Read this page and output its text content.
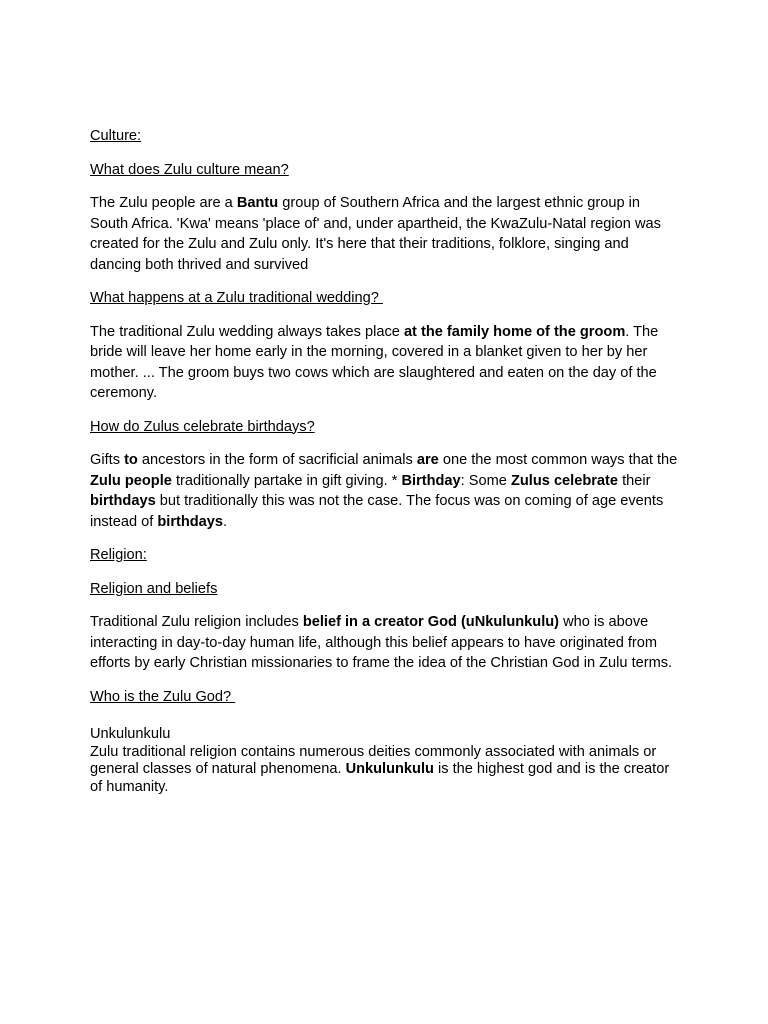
Culture:

What does Zulu culture mean?

The Zulu people are a Bantu group of Southern Africa and the largest ethnic group in South Africa. 'Kwa' means 'place of' and, under apartheid, the KwaZulu-Natal region was created for the Zulu and Zulu only. It's here that their traditions, folklore, singing and dancing both thrived and survived

What happens at a Zulu traditional wedding?

The traditional Zulu wedding always takes place at the family home of the groom. The bride will leave her home early in the morning, covered in a blanket given to her by her mother. ... The groom buys two cows which are slaughtered and eaten on the day of the ceremony.

How do Zulus celebrate birthdays?

Gifts to ancestors in the form of sacrificial animals are one the most common ways that the Zulu people traditionally partake in gift giving. * Birthday: Some Zulus celebrate their birthdays but traditionally this was not the case. The focus was on coming of age events instead of birthdays.

Religion:

Religion and beliefs

Traditional Zulu religion includes belief in a creator God (uNkulunkulu) who is above interacting in day-to-day human life, although this belief appears to have originated from efforts by early Christian missionaries to frame the idea of the Christian God in Zulu terms.

Who is the Zulu God?

Unkulunkulu

Zulu traditional religion contains numerous deities commonly associated with animals or general classes of natural phenomena. Unkulunkulu is the highest god and is the creator of humanity.
